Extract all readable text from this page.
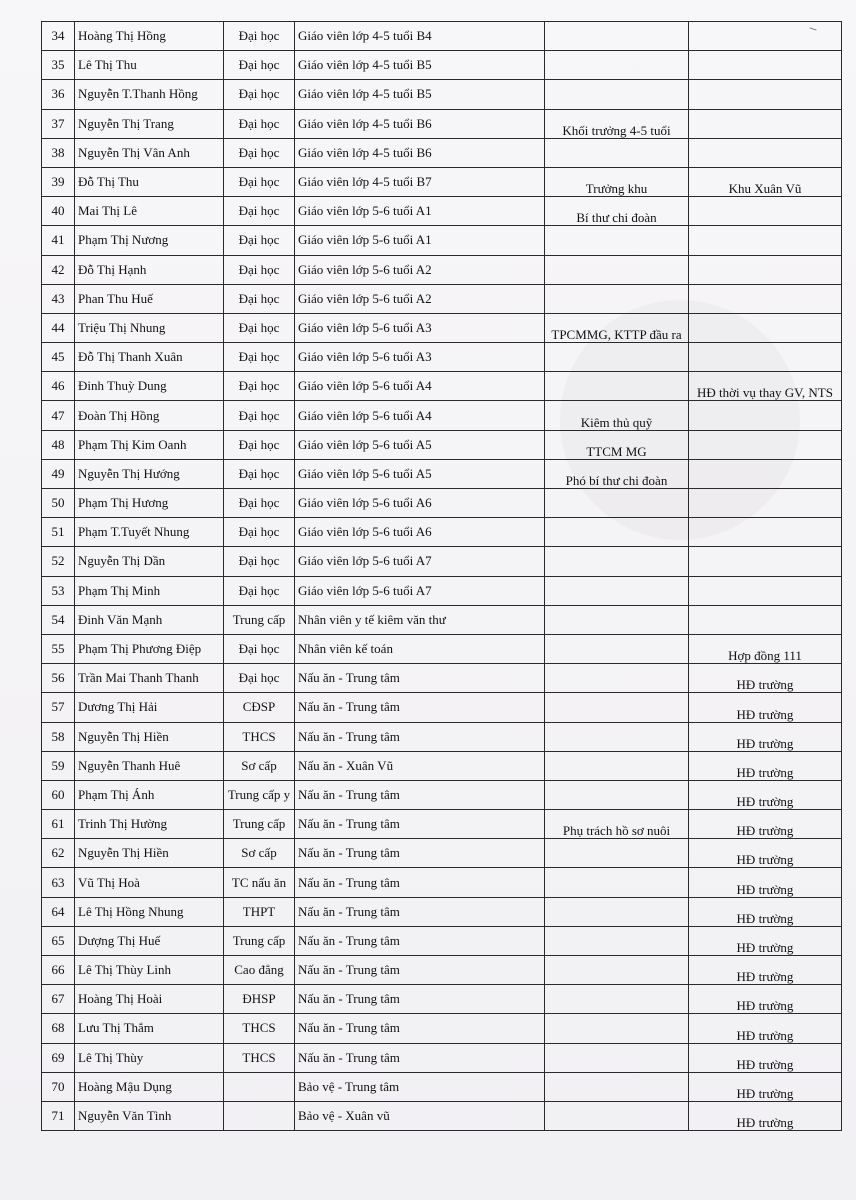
⁻
34	Hoàng Thị Hồng	Đại học	Giáo viên lớp 4-5 tuổi B4		
35	Lê Thị Thu	Đại học	Giáo viên lớp 4-5 tuổi B5		
36	Nguyễn T.Thanh Hồng	Đại học	Giáo viên lớp 4-5 tuổi B5		
37	Nguyễn Thị Trang	Đại học	Giáo viên lớp 4-5 tuổi B6	Khối trưởng 4-5 tuổi	
38	Nguyễn Thị Vân Anh	Đại học	Giáo viên lớp 4-5 tuổi B6		
39	Đỗ Thị Thu	Đại học	Giáo viên lớp 4-5 tuổi B7	Trưởng khu	Khu Xuân Vũ
40	Mai Thị Lê	Đại học	Giáo viên lớp 5-6 tuổi A1	Bí thư chi đoàn	
41	Phạm Thị Nương	Đại học	Giáo viên lớp 5-6 tuổi A1		
42	Đỗ Thị Hạnh	Đại học	Giáo viên lớp 5-6 tuổi A2		
43	Phan Thu Huế	Đại học	Giáo viên lớp 5-6 tuổi A2		
44	Triệu Thị Nhung	Đại học	Giáo viên lớp 5-6 tuổi A3	TPCMMG, KTTP đầu ra	
45	Đỗ Thị Thanh Xuân	Đại học	Giáo viên lớp 5-6 tuổi A3		
46	Đinh Thuỳ Dung	Đại học	Giáo viên lớp 5-6 tuổi A4		HĐ thời vụ thay GV, NTS
47	Đoàn Thị Hồng	Đại học	Giáo viên lớp 5-6 tuổi A4	Kiêm thủ quỹ	
48	Phạm Thị Kim Oanh	Đại học	Giáo viên lớp 5-6 tuổi A5	TTCM MG	
49	Nguyễn Thị Hướng	Đại học	Giáo viên lớp 5-6 tuổi A5	Phó bí thư chi đoàn	
50	Phạm Thị Hương	Đại học	Giáo viên lớp 5-6 tuổi A6		
51	Phạm T.Tuyết Nhung	Đại học	Giáo viên lớp 5-6 tuổi A6		
52	Nguyễn Thị Dần	Đại học	Giáo viên lớp 5-6 tuổi A7		
53	Phạm Thị Minh	Đại học	Giáo viên lớp 5-6 tuổi A7		
54	Đinh Văn Mạnh	Trung cấp	Nhân viên y tế kiêm văn thư		
55	Phạm Thị Phương Điệp	Đại học	Nhân viên kế toán		Hợp đồng 111
56	Trần Mai Thanh Thanh	Đại học	Nấu ăn - Trung tâm		HĐ trường
57	Dương Thị Hải	CĐSP	Nấu ăn - Trung tâm		HĐ trường
58	Nguyễn Thị Hiền	THCS	Nấu ăn - Trung tâm		HĐ trường
59	Nguyễn Thanh Huê	Sơ cấp	Nấu ăn - Xuân Vũ		HĐ trường
60	Phạm Thị Ánh	Trung cấp y	Nấu ăn - Trung tâm		HĐ trường
61	Trinh Thị Hường	Trung cấp	Nấu ăn - Trung tâm	Phụ trách hồ sơ nuôi	HĐ trường
62	Nguyễn Thị Hiền	Sơ cấp	Nấu ăn - Trung tâm		HĐ trường
63	Vũ Thị Hoà	TC nấu ăn	Nấu ăn - Trung tâm		HĐ trường
64	Lê Thị Hồng Nhung	THPT	Nấu ăn - Trung tâm		HĐ trường
65	Dượng Thị Huế	Trung cấp	Nấu ăn - Trung tâm		HĐ trường
66	Lê Thị Thùy Linh	Cao đẳng	Nấu ăn - Trung tâm		HĐ trường
67	Hoàng Thị Hoài	ĐHSP	Nấu ăn - Trung tâm		HĐ trường
68	Lưu Thị Thắm	THCS	Nấu ăn - Trung tâm		HĐ trường
69	Lê Thị Thùy	THCS	Nấu ăn - Trung tâm		HĐ trường
70	Hoàng Mậu Dụng		Bảo vệ - Trung tâm		HĐ trường
71	Nguyễn Văn Tình		Bảo vệ - Xuân vũ		HĐ trường
